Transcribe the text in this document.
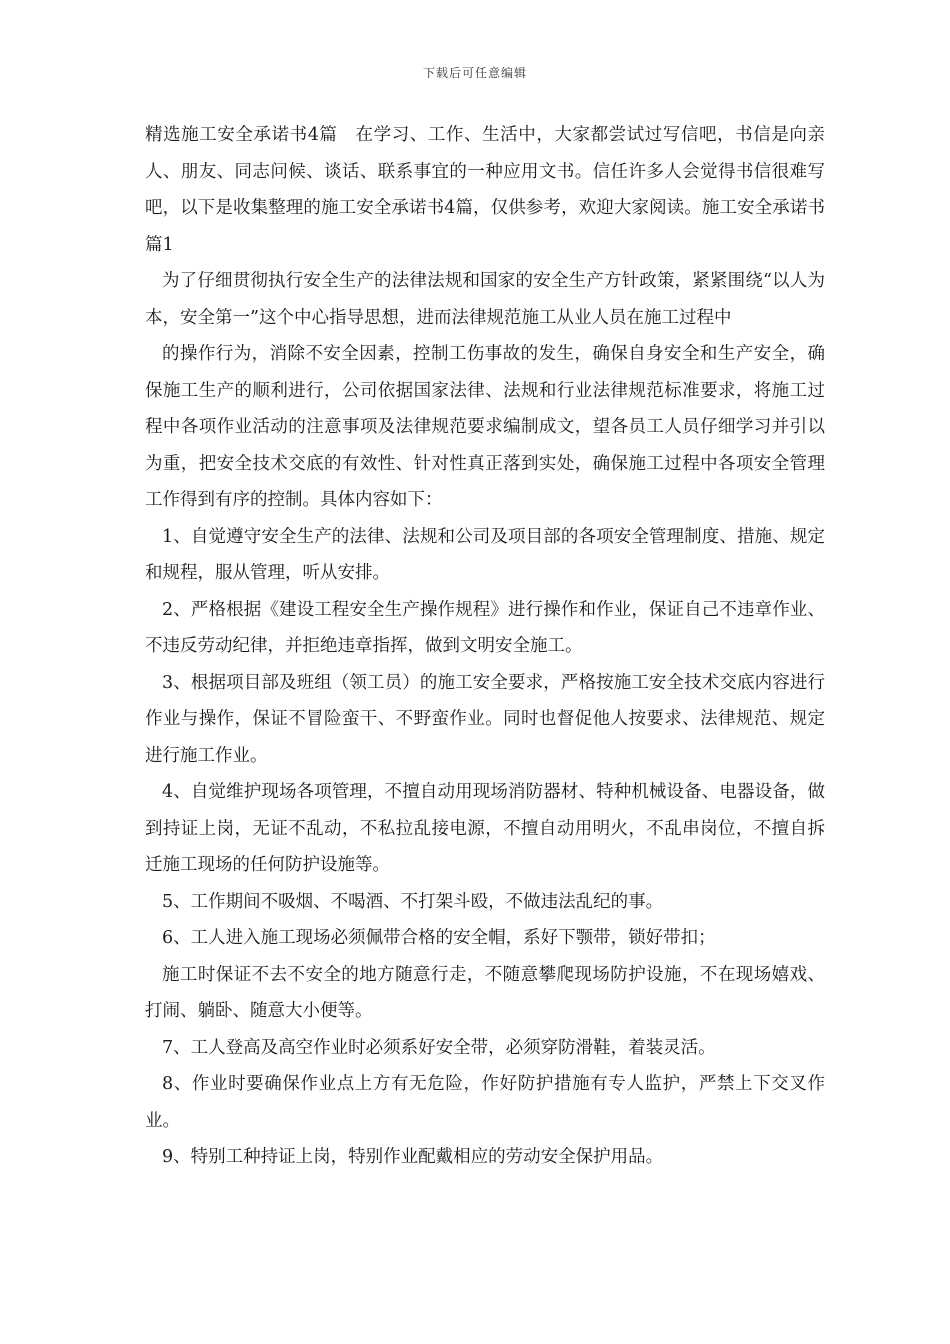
下载后可任意编辑

精选施工安全承诺书4篇　在学习、工作、生活中，大家都尝试过写信吧，书信是向亲人、朋友、同志问候、谈话、联系事宜的一种应用文书。信任许多人会觉得书信很难写吧，以下是收集整理的施工安全承诺书4篇，仅供参考，欢迎大家阅读。施工安全承诺书 篇1

为了仔细贯彻执行安全生产的法律法规和国家的安全生产方针政策，紧紧围绕“以人为本，安全第一”这个中心指导思想，进而法律规范施工从业人员在施工过程中

的操作行为，消除不安全因素，控制工伤事故的发生，确保自身安全和生产安全，确保施工生产的顺利进行，公司依据国家法律、法规和行业法律规范标准要求，将施工过程中各项作业活动的注意事项及法律规范要求编制成文，望各员工人员仔细学习并引以为重，把安全技术交底的有效性、针对性真正落到实处，确保施工过程中各项安全管理工作得到有序的控制。具体内容如下：

1、自觉遵守安全生产的法律、法规和公司及项目部的各项安全管理制度、措施、规定和规程，服从管理，听从安排。

2、严格根据《建设工程安全生产操作规程》进行操作和作业，保证自己不违章作业、不违反劳动纪律，并拒绝违章指挥，做到文明安全施工。

3、根据项目部及班组（领工员）的施工安全要求，严格按施工安全技术交底内容进行作业与操作，保证不冒险蛮干、不野蛮作业。同时也督促他人按要求、法律规范、规定进行施工作业。

4、自觉维护现场各项管理，不擅自动用现场消防器材、特种机械设备、电器设备，做到持证上岗，无证不乱动，不私拉乱接电源，不擅自动用明火，不乱串岗位，不擅自拆迁施工现场的任何防护设施等。

5、工作期间不吸烟、不喝酒、不打架斗殴，不做违法乱纪的事。

6、工人进入施工现场必须佩带合格的安全帽，系好下颚带，锁好带扣；

施工时保证不去不安全的地方随意行走，不随意攀爬现场防护设施，不在现场嬉戏、打闹、躺卧、随意大小便等。

7、工人登高及高空作业时必须系好安全带，必须穿防滑鞋，着装灵活。

8、作业时要确保作业点上方有无危险，作好防护措施有专人监护，严禁上下交叉作业。

9、特别工种持证上岗，特别作业配戴相应的劳动安全保护用品。
